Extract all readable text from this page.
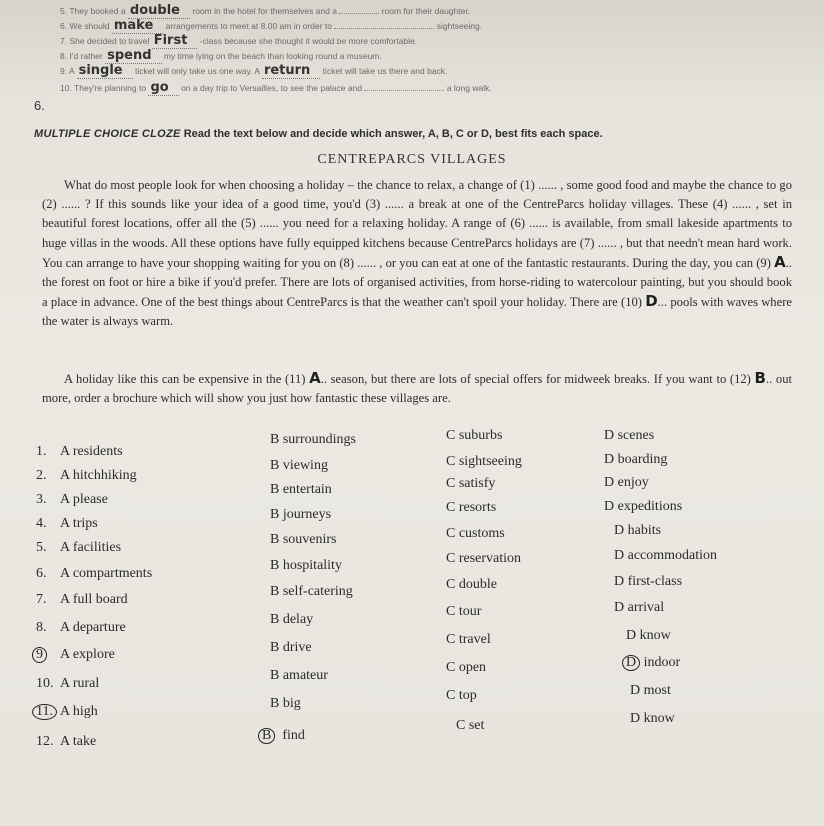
5. They booked a double room in the hotel for themselves and a	room for their daughter.
6. We should make arrangements to meet at 8.00 am in order to	sightseeing.
7. She decided to travel First -class because she thought it would be more comfortable.
8. I'd rather spend my time lying on the beach than looking round a museum.
9. A single ticket will only take us one way. A return ticket will take us there and back.
10. They're planning to go on a day trip to Versailles, to see the palace and	a long walk.
6.
MULTIPLE CHOICE CLOZE Read the text below and decide which answer, A, B, C or D, best fits each space.
CENTREPARCS VILLAGES
What do most people look for when choosing a holiday – the chance to relax, a change of (1) ...... , some good food and maybe the chance to go (2) ...... ? If this sounds like your idea of a good time, you'd (3) ...... a break at one of the CentreParcs holiday villages. These (4) ...... , set in beautiful forest locations, offer all the (5) ...... you need for a relaxing holiday. A range of (6) ...... is available, from small lakeside apartments to huge villas in the woods. All these options have fully equipped kitchens because CentreParcs holidays are (7) ...... , but that needn't mean hard work. You can arrange to have your shopping waiting for you on (8) ...... , or you can eat at one of the fantastic restaurants. During the day, you can (9) A.. the forest on foot or hire a bike if you'd prefer. There are lots of organised activities, from horse-riding to watercolour painting, but you should book a place in advance. One of the best things about CentreParcs is that the weather can't spoil your holiday. There are (10) D... pools with waves where the water is always warm.
A holiday like this can be expensive in the (11) A.. season, but there are lots of special offers for midweek breaks. If you want to (12) B.. out more, order a brochure which will show you just how fantastic these villages are.
1. A residents
B surroundings	C suburbs	D scenes
2. A hitchhiking
B viewing	C sightseeing	D boarding
3. A please
B entertain	C satisfy	D enjoy
4. A trips
B journeys	C resorts	D expeditions
5. A facilities
B souvenirs	C customs	D habits
6. A compartments
B hospitality	C reservation	D accommodation
7. A full board
B self-catering	C double	D first-class
8. A departure
B delay
C tour	D arrival
9 A explore	B drive
C travel	D know
10. A rural
B amateur
C open	D indoor
11. A high
B big
C top	D most
12. A take	B find
C set	D know
